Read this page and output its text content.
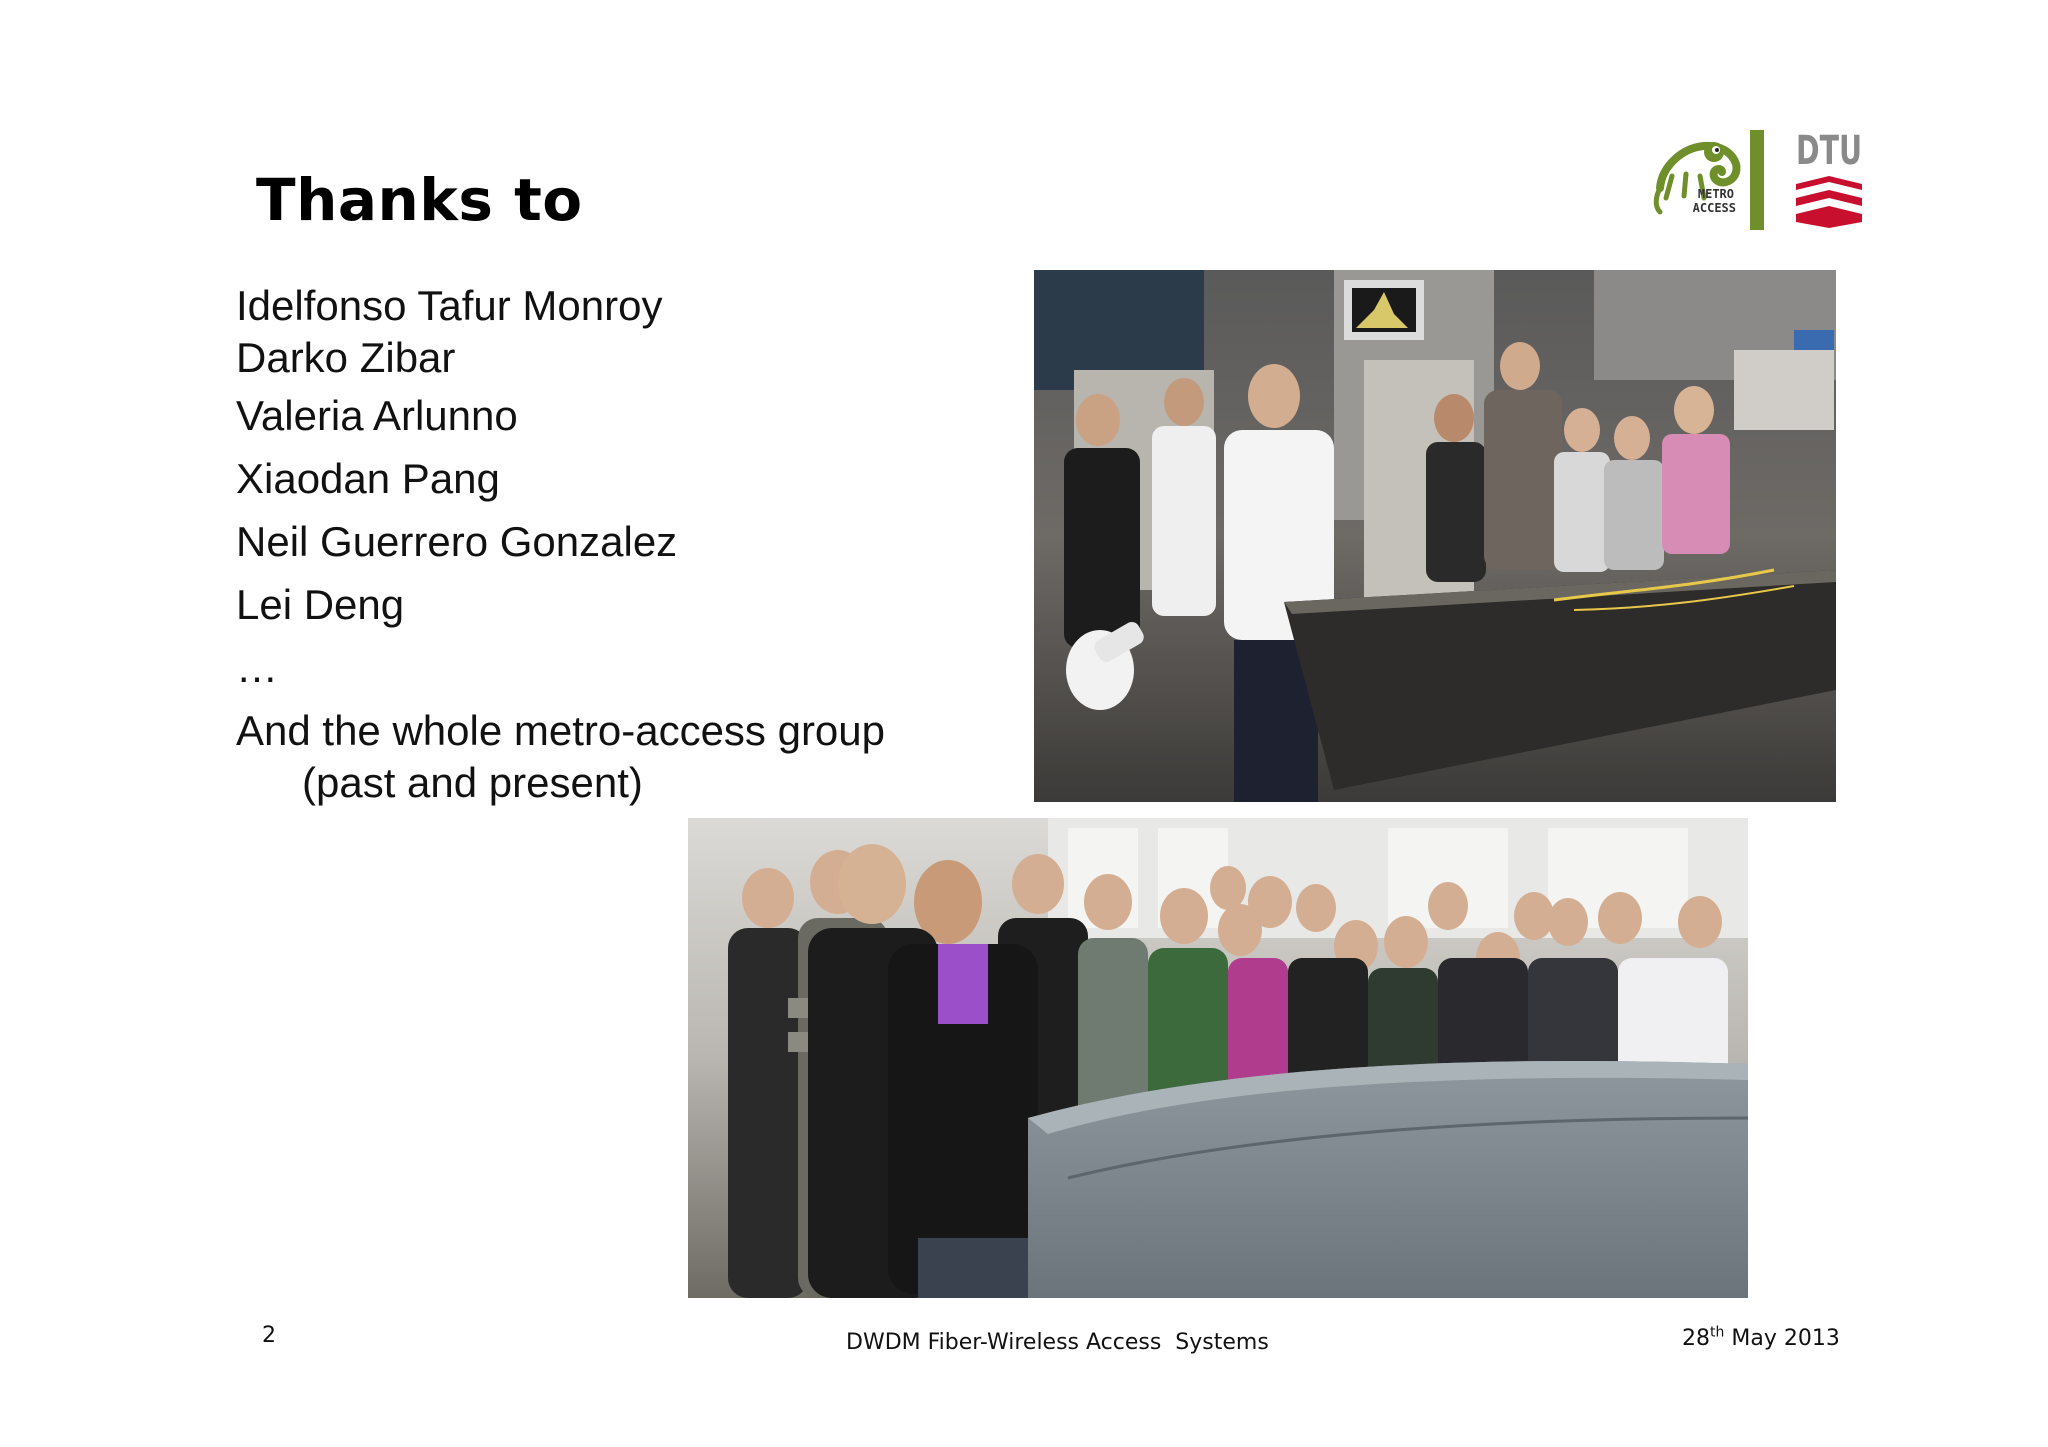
Thanks to	METRO
ACCESS
DTU
Idelfonso Tafur Monroy
Darko Zibar
Valeria Arlunno
Xiaodan Pang
Neil Guerrero Gonzalez
Lei Deng
…
And the whole metro-access group
(past and present)
2	DWDM Fiber-Wireless Access  Systems	28th May 2013
